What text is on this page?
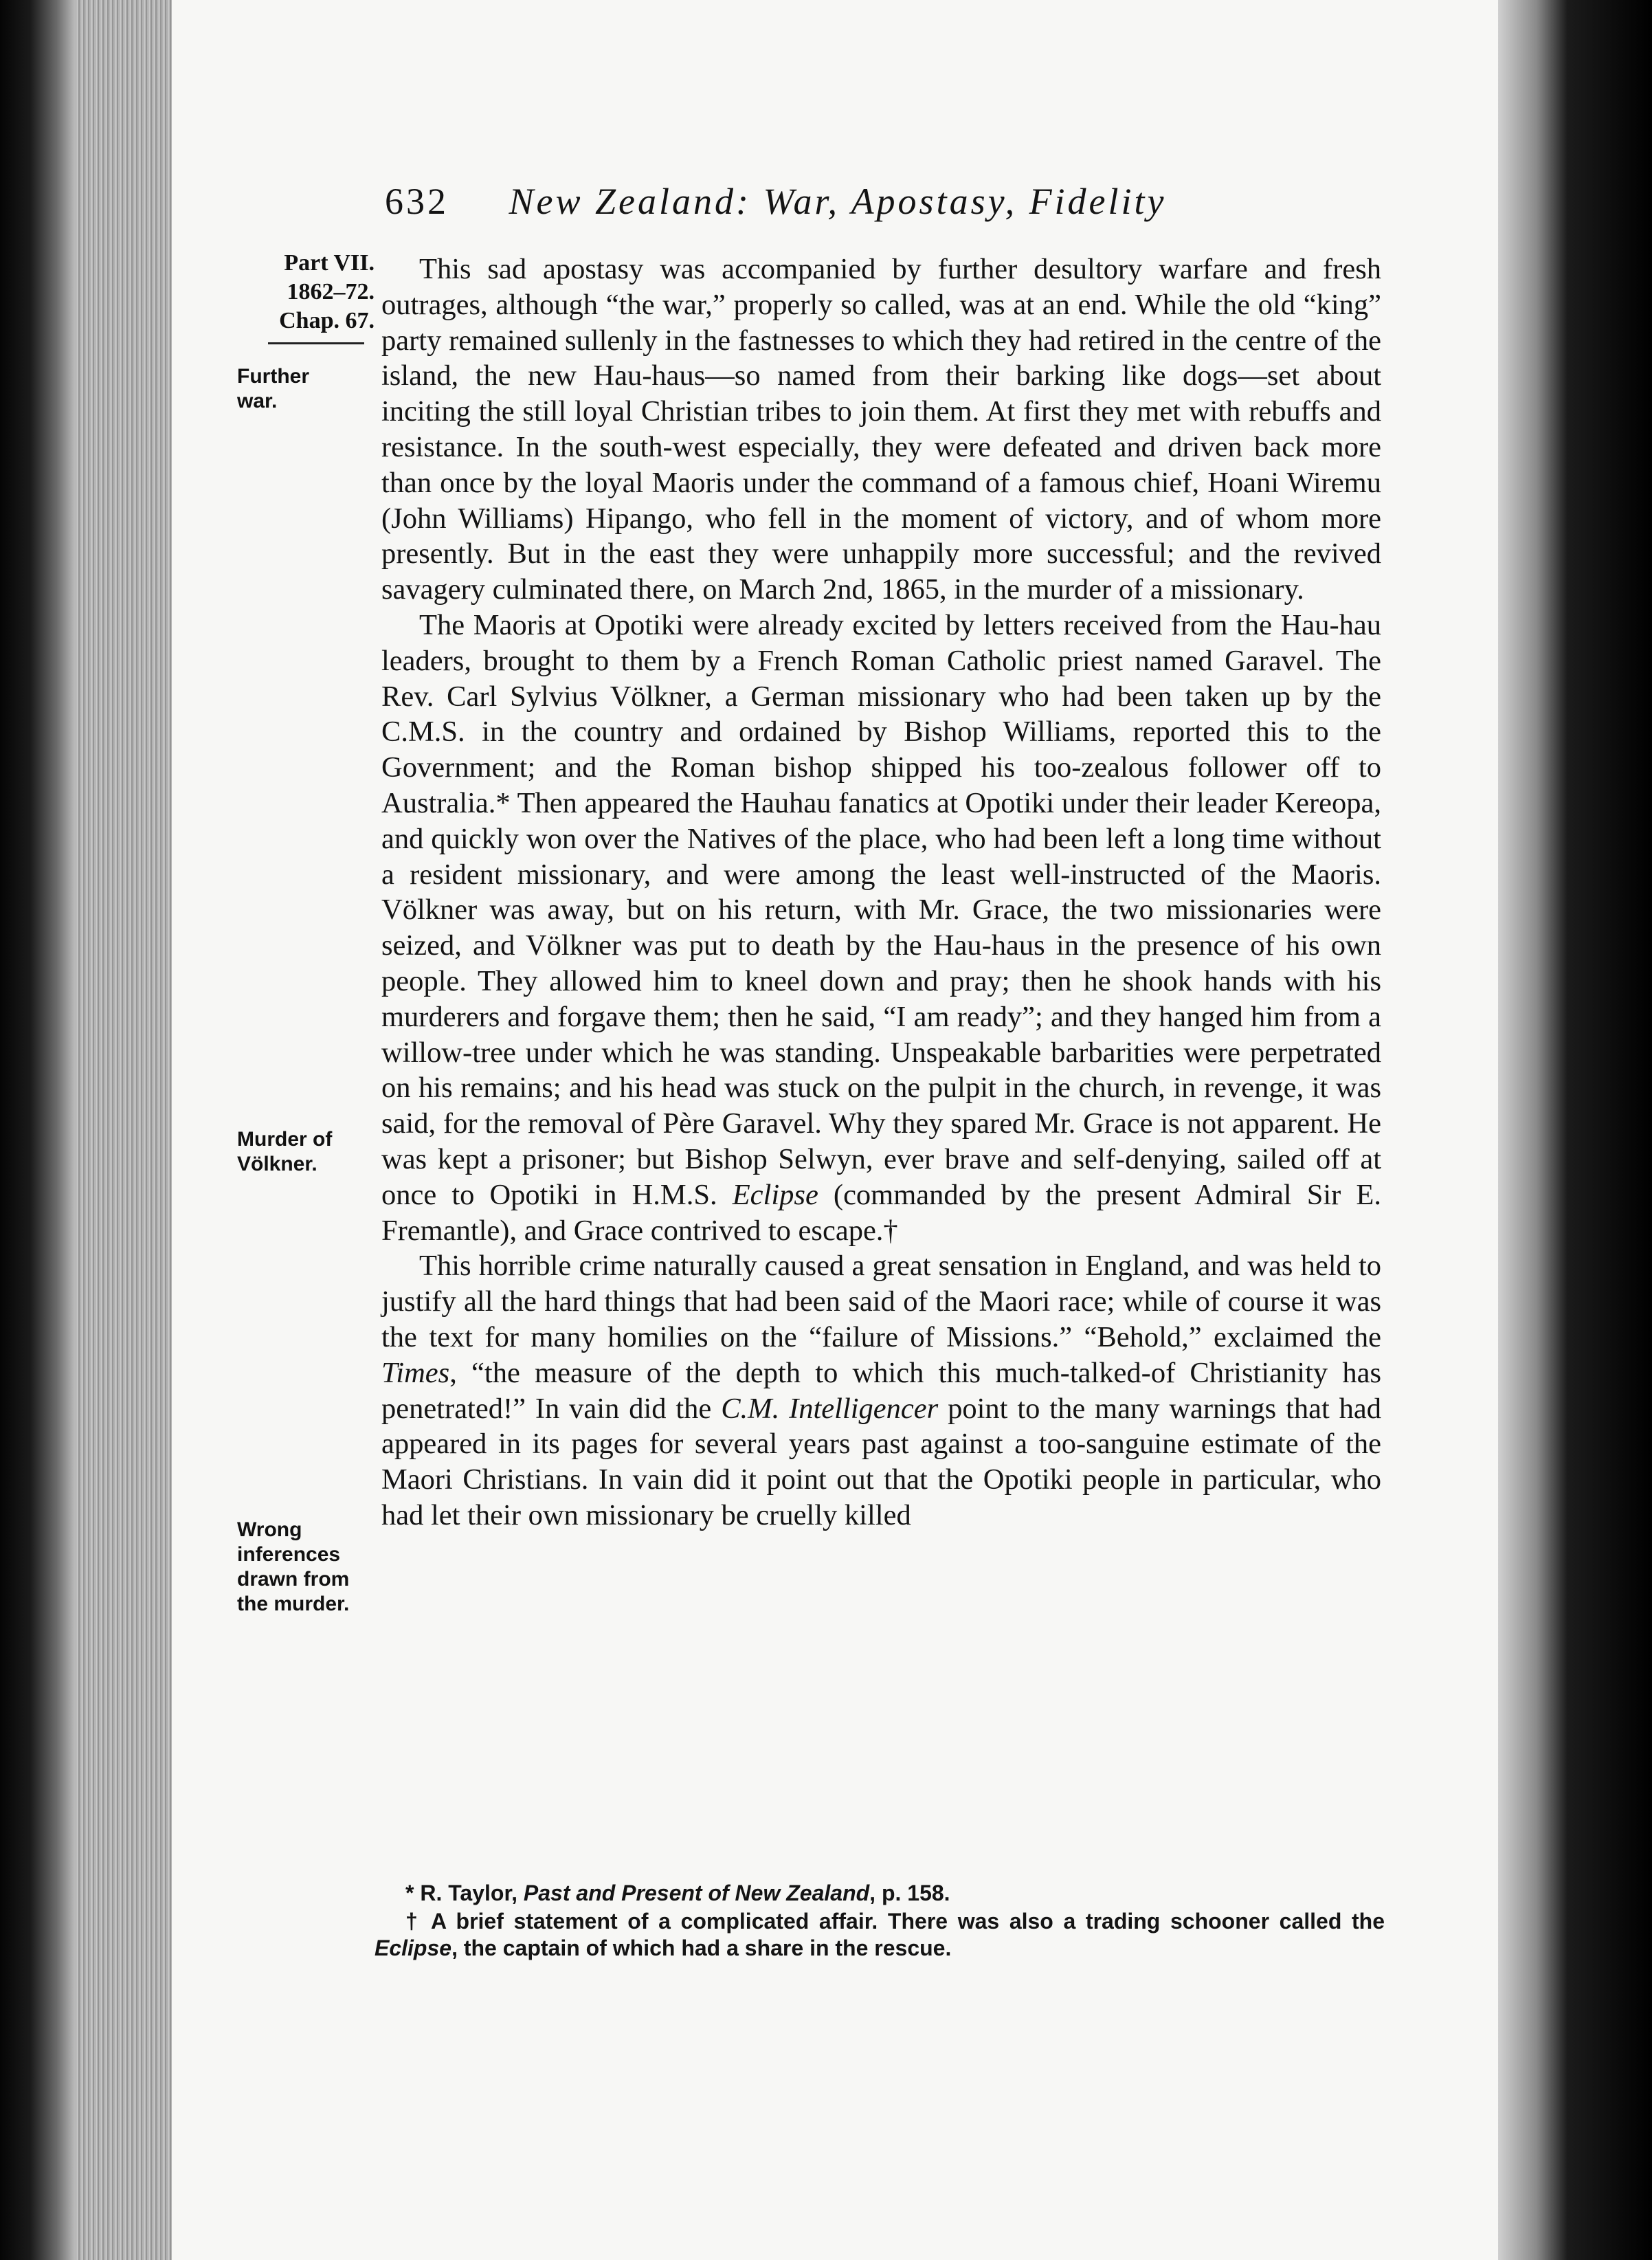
632 New Zealand: War, Apostasy, Fidelity
Part VII.
1862–72.
Chap. 67.
Further
war.
Murder of
Völkner.
Wrong
inferences
drawn from
the murder.

This sad apostasy was accompanied by further desultory warfare and fresh outrages, although “the war,” properly so called, was at an end. While the old “king” party remained sullenly in the fastnesses to which they had retired in the centre of the island, the new Hau-haus—so named from their barking like dogs—set about inciting the still loyal Christian tribes to join them. At first they met with rebuffs and resistance. In the south-west especially, they were defeated and driven back more than once by the loyal Maoris under the command of a famous chief, Hoani Wiremu (John Williams) Hipango, who fell in the moment of victory, and of whom more presently. But in the east they were unhappily more successful; and the revived savagery culminated there, on March 2nd, 1865, in the murder of a missionary.

The Maoris at Opotiki were already excited by letters received from the Hau-hau leaders, brought to them by a French Roman Catholic priest named Garavel. The Rev. Carl Sylvius Völkner, a German missionary who had been taken up by the C.M.S. in the country and ordained by Bishop Williams, reported this to the Government; and the Roman bishop shipped his too-zealous follower off to Australia.* Then appeared the Hauhau fanatics at Opotiki under their leader Kereopa, and quickly won over the Natives of the place, who had been left a long time without a resident missionary, and were among the least well-instructed of the Maoris. Völkner was away, but on his return, with Mr. Grace, the two missionaries were seized, and Völkner was put to death by the Hau-haus in the presence of his own people. They allowed him to kneel down and pray; then he shook hands with his murderers and forgave them; then he said, “I am ready”; and they hanged him from a willow-tree under which he was standing. Unspeakable barbarities were perpetrated on his remains; and his head was stuck on the pulpit in the church, in revenge, it was said, for the removal of Père Garavel. Why they spared Mr. Grace is not apparent. He was kept a prisoner; but Bishop Selwyn, ever brave and self-denying, sailed off at once to Opotiki in H.M.S. Eclipse (commanded by the present Admiral Sir E. Fremantle), and Grace contrived to escape.†

This horrible crime naturally caused a great sensation in England, and was held to justify all the hard things that had been said of the Maori race; while of course it was the text for many homilies on the “failure of Missions.” “Behold,” exclaimed the Times, “the measure of the depth to which this much-talked-of Christianity has penetrated!” In vain did the C.M. Intelligencer point to the many warnings that had appeared in its pages for several years past against a too-sanguine estimate of the Maori Christians. In vain did it point out that the Opotiki people in particular, who had let their own missionary be cruelly killed

* R. Taylor, Past and Present of New Zealand, p. 158.

† A brief statement of a complicated affair. There was also a trading schooner called the Eclipse, the captain of which had a share in the rescue.
